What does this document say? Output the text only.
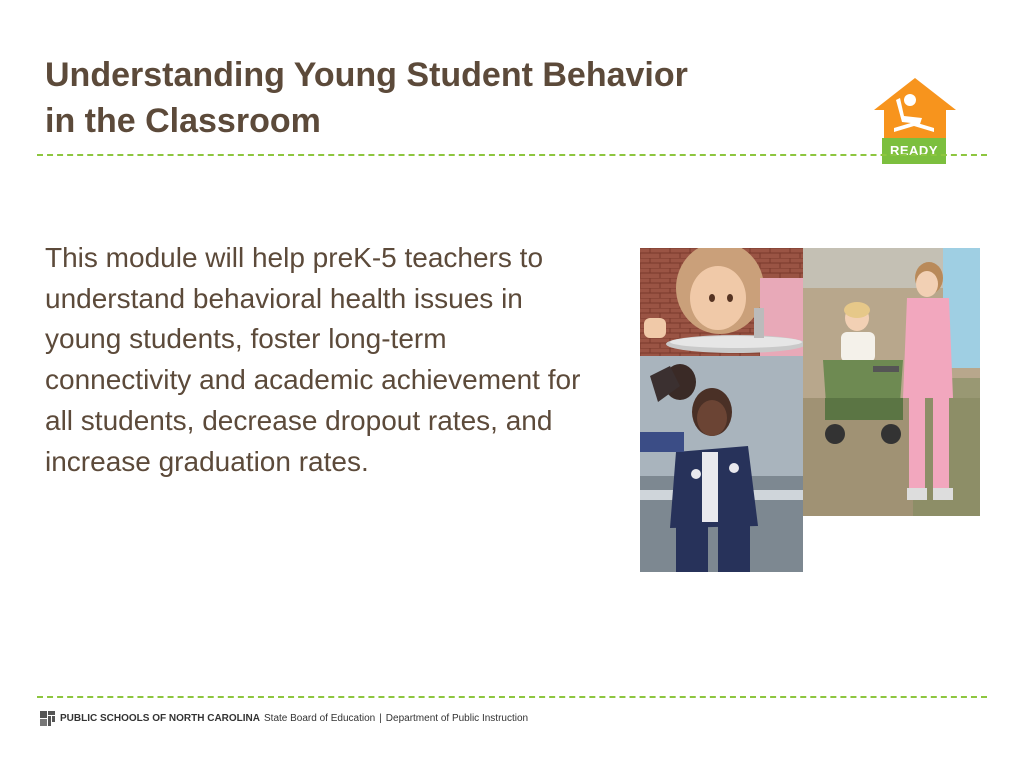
Understanding Young Student Behavior
in the Classroom
READY

This module will help preK-5 teachers to understand behavioral health issues in young students, foster long-term connectivity and academic achievement for all students, decrease dropout rates, and increase graduation rates.

PUBLIC SCHOOLS OF NORTH CAROLINA State Board of Education | Department of Public Instruction
